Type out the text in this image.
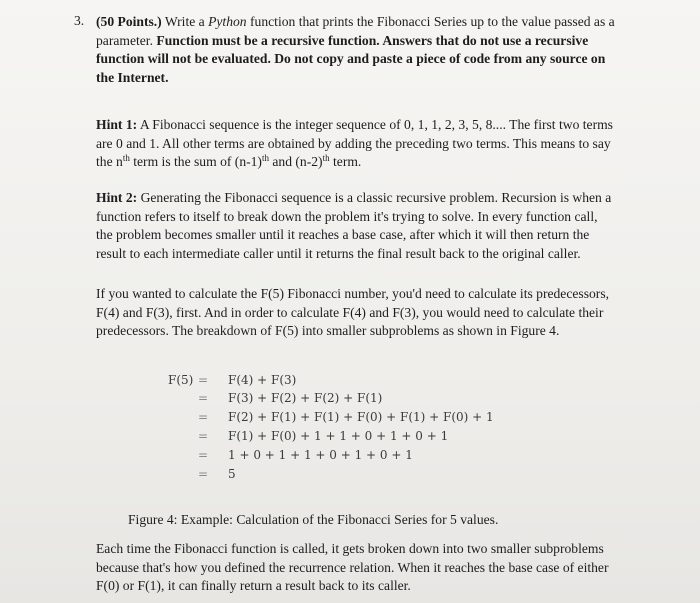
3. (50 Points.) Write a Python function that prints the Fibonacci Series up to the value passed as a parameter. Function must be a recursive function. Answers that do not use a recursive function will not be evaluated. Do not copy and paste a piece of code from any source on the Internet.
Hint 1: A Fibonacci sequence is the integer sequence of 0, 1, 1, 2, 3, 5, 8.... The first two terms are 0 and 1. All other terms are obtained by adding the preceding two terms. This means to say the $n^{th}$ term is the sum of $(n-1)^{th}$ and $(n-2)^{th}$ term.
Hint 2: Generating the Fibonacci sequence is a classic recursive problem. Recursion is when a function refers to itself to break down the problem it's trying to solve. In every function call, the problem becomes smaller until it reaches a base case, after which it will then return the result to each intermediate caller until it returns the final result back to the original caller.
If you wanted to calculate the F(5) Fibonacci number, you'd need to calculate its predecessors, F(4) and F(3), first. And in order to calculate F(4) and F(3), you would need to calculate their predecessors. The breakdown of F(5) into smaller subproblems as shown in Figure 4.
F(5) = F(4) + F(3)
= F(3) + F(2) + F(2) + F(1)
= F(2) + F(1) + F(1) + F(0) + F(1) + F(0) + 1
= F(1) + F(0) + 1 + 1 + 0 + 1 + 0 + 1
= 1 + 0 + 1 + 1 + 0 + 1 + 0 + 1
= 5
Figure 4: Example: Calculation of the Fibonacci Series for 5 values.
Each time the Fibonacci function is called, it gets broken down into two smaller subproblems because that's how you defined the recurrence relation. When it reaches the base case of either F(0) or F(1), it can finally return a result back to its caller.
